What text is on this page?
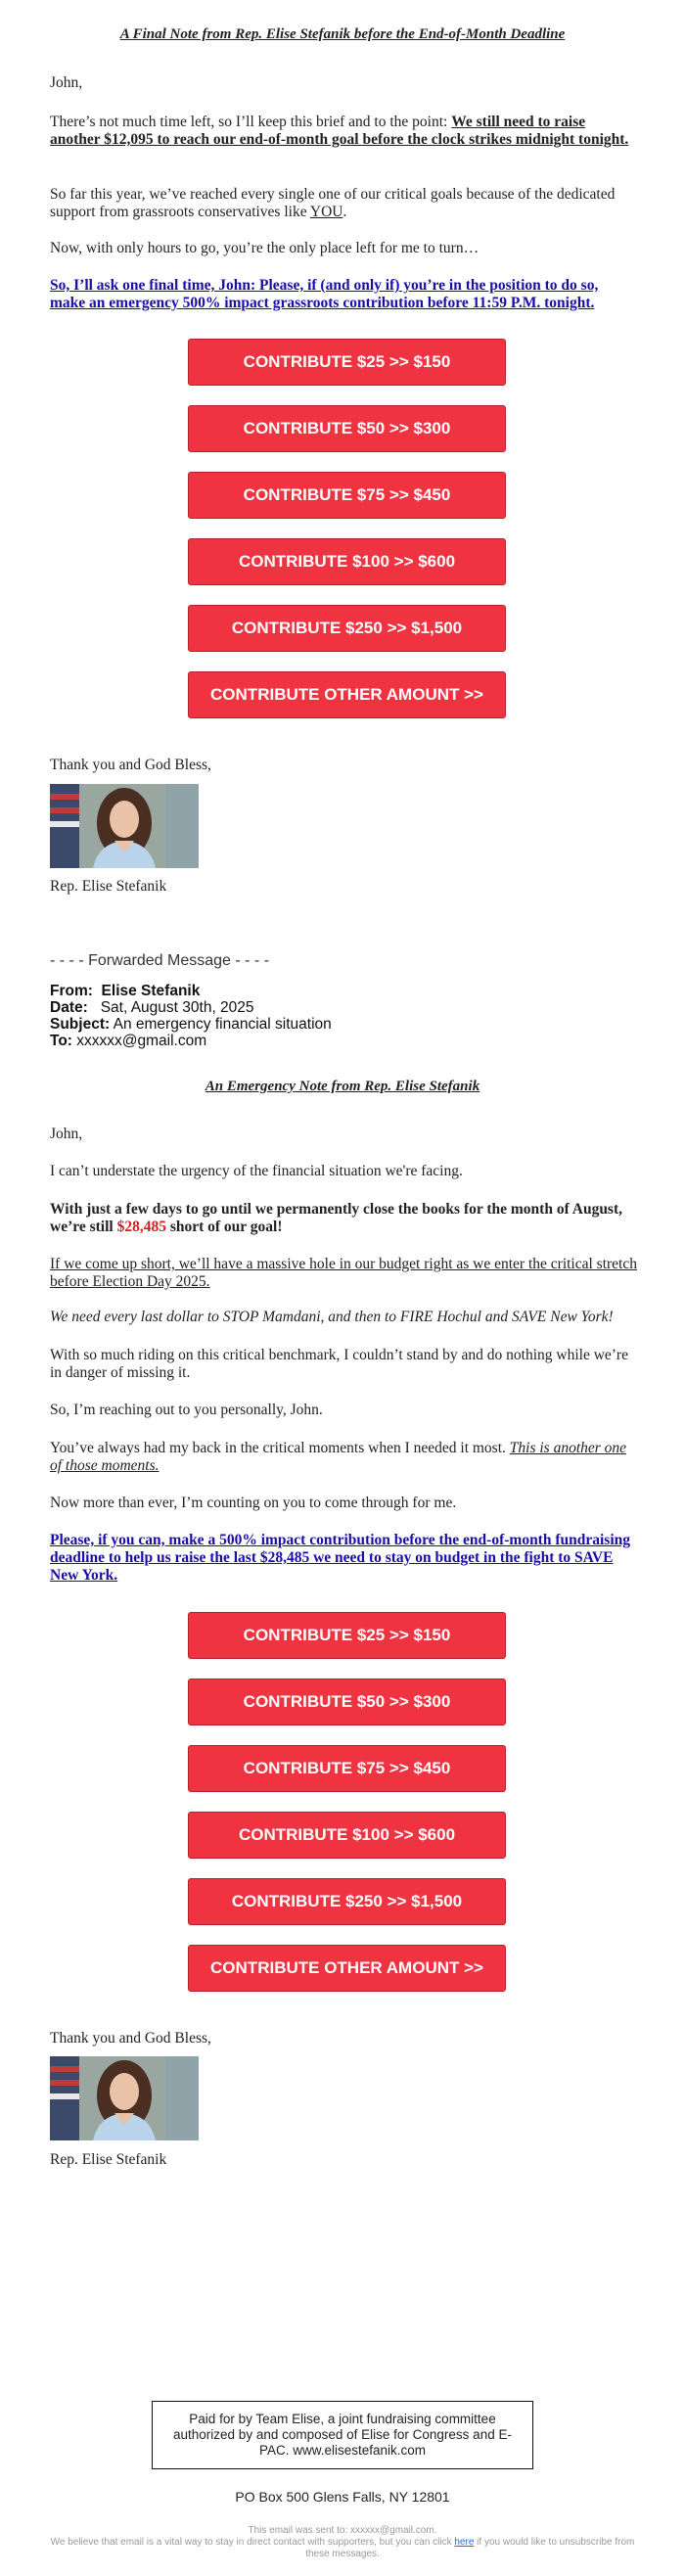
A Final Note from Rep. Elise Stefanik before the End-of-Month Deadline

John,

There’s not much time left, so I’ll keep this brief and to the point: We still need to raise another $12,095 to reach our end-of-month goal before the clock strikes midnight tonight.

So far this year, we’ve reached every single one of our critical goals because of the dedicated support from grassroots conservatives like YOU.

Now, with only hours to go, you’re the only place left for me to turn…

So, I’ll ask one final time, John: Please, if (and only if) you’re in the position to do so, make an emergency 500% impact grassroots contribution before 11:59 P.M. tonight.
CONTRIBUTE $25 >> $150
CONTRIBUTE $50 >> $300
CONTRIBUTE $75 >> $450
CONTRIBUTE $100 >> $600
CONTRIBUTE $250 >> $1,500
CONTRIBUTE OTHER AMOUNT >>

Thank you and God Bless,

Rep. Elise Stefanik

- - - - Forwarded Message - - - -

From: Elise Stefanik

Date: Sat, August 30th, 2025

Subject: An emergency financial situation

To: xxxxxx@gmail.com

An Emergency Note from Rep. Elise Stefanik

John,

I can’t understate the urgency of the financial situation we're facing.

With just a few days to go until we permanently close the books for the month of August, we’re still $28,485 short of our goal!

If we come up short, we’ll have a massive hole in our budget right as we enter the critical stretch before Election Day 2025.

We need every last dollar to STOP Mamdani, and then to FIRE Hochul and SAVE New York!

With so much riding on this critical benchmark, I couldn’t stand by and do nothing while we’re in danger of missing it.

So, I’m reaching out to you personally, John.

You’ve always had my back in the critical moments when I needed it most. This is another one of those moments.

Now more than ever, I’m counting on you to come through for me.

Please, if you can, make a 500% impact contribution before the end-of-month fundraising deadline to help us raise the last $28,485 we need to stay on budget in the fight to SAVE New York.
CONTRIBUTE $25 >> $150
CONTRIBUTE $50 >> $300
CONTRIBUTE $75 >> $450
CONTRIBUTE $100 >> $600
CONTRIBUTE $250 >> $1,500
CONTRIBUTE OTHER AMOUNT >>

Thank you and God Bless,

Rep. Elise Stefanik

Paid for by Team Elise, a joint fundraising committee authorized by and composed of Elise for Congress and E-PAC. www.elisestefanik.com
PO Box 500 Glens Falls, NY 12801
This email was sent to: xxxxxx@gmail.com.
We believe that email is a vital way to stay in direct contact with supporters, but you can click here if you would like to unsubscribe from these messages.
